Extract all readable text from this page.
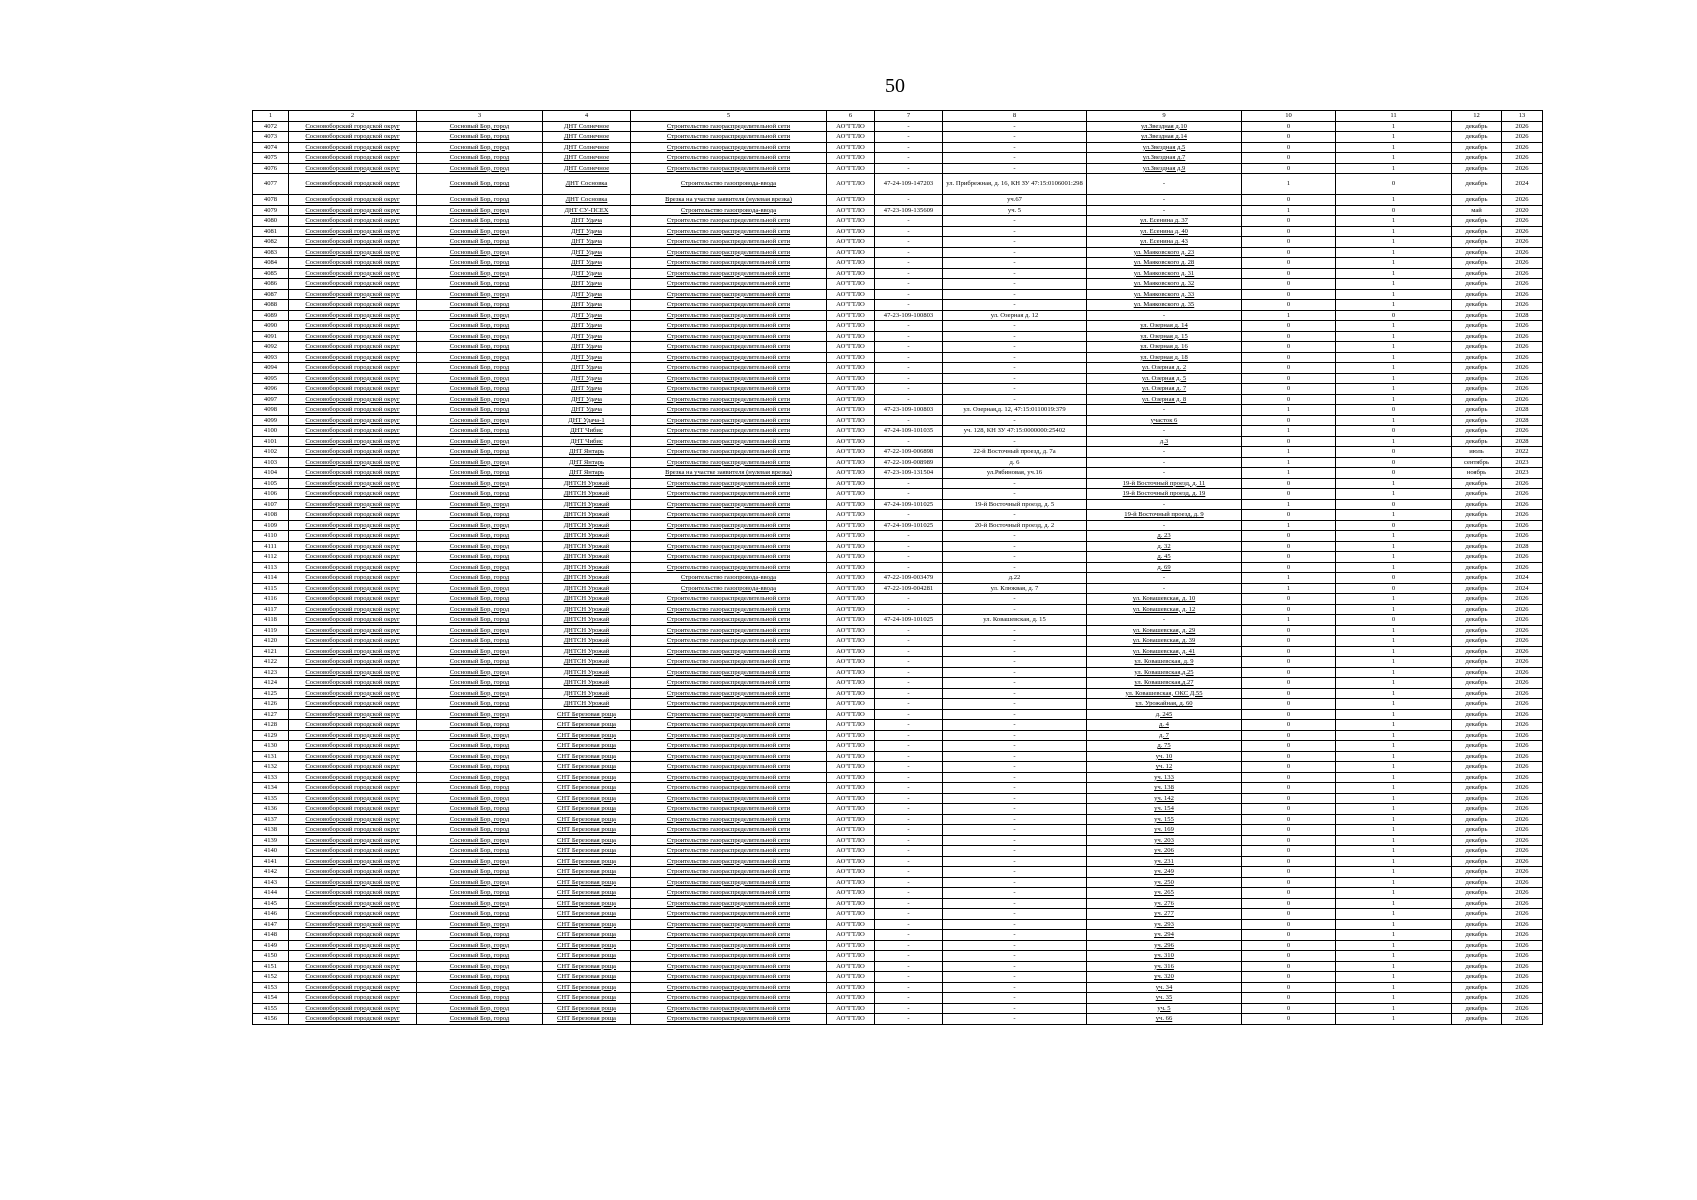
50
1	2	3	4	5	6	7	8	9	10	11	12	13
4072	Сосновоборский городской округ	Сосновый Бор, город	ДНТ Солнечное	Строительство газораспределительной сети	АО"ГТЛО	-	-	ул.Звездная д.10	0	1	декабрь	2026
4073	Сосновоборский городской округ	Сосновый Бор, город	ДНТ Солнечное	Строительство газораспределительной сети	АО"ГТЛО	-	-	ул.Звездная д.14	0	1	декабрь	2026
4074	Сосновоборский городской округ	Сосновый Бор, город	ДНТ Солнечное	Строительство газораспределительной сети	АО"ГТЛО	-	-	ул.Звездная д.5	0	1	декабрь	2026
4075	Сосновоборский городской округ	Сосновый Бор, город	ДНТ Солнечное	Строительство газораспределительной сети	АО"ГТЛО	-	-	ул.Звездная д.7	0	1	декабрь	2026
4076	Сосновоборский городской округ	Сосновый Бор, город	ДНТ Солнечное	Строительство газораспределительной сети	АО"ГТЛО	-	-	ул.Звездная д.9	0	1	декабрь	2026
4077	Сосновоборский городской округ	Сосновый Бор, город	ДНТ Сосновка	Строительство газопровода-ввода	АО"ГТЛО	47-24-109-147203	ул. Прибрежная, д. 16, КН ЗУ 47:15:0106001:298	-	1	0	декабрь	2024
4078	Сосновоборский городской округ	Сосновый Бор, город	ДНТ Сосновка	Врезка на участке заявителя (нулевая врезка)	АО"ГТЛО	-	уч.67	-	0	1	декабрь	2026
4079	Сосновоборский городской округ	Сосновый Бор, город	ДНТ СУ-ПСЕХ	Строительство газопровода-ввода	АО"ГТЛО	47-23-109-135609	уч. 5	-	1	0	май	2020
4080	Сосновоборский городской округ	Сосновый Бор, город	ДНТ Удача	Строительство газораспределительной сети	АО"ГТЛО	-	-	ул. Есенина д. 37	0	1	декабрь	2026
4081	Сосновоборский городской округ	Сосновый Бор, город	ДНТ Удача	Строительство газораспределительной сети	АО"ГТЛО	-	-	ул. Есенина д. 40	0	1	декабрь	2026
4082	Сосновоборский городской округ	Сосновый Бор, город	ДНТ Удача	Строительство газораспределительной сети	АО"ГТЛО	-	-	ул. Есенина д. 43	0	1	декабрь	2026
4083	Сосновоборский городской округ	Сосновый Бор, город	ДНТ Удача	Строительство газораспределительной сети	АО"ГТЛО	-	-	ул. Маяковского д. 23	0	1	декабрь	2026
4084	Сосновоборский городской округ	Сосновый Бор, город	ДНТ Удача	Строительство газораспределительной сети	АО"ГТЛО	-	-	ул. Маяковского д. 28	0	1	декабрь	2026
4085	Сосновоборский городской округ	Сосновый Бор, город	ДНТ Удача	Строительство газораспределительной сети	АО"ГТЛО	-	-	ул. Маяковского д. 31	0	1	декабрь	2026
4086	Сосновоборский городской округ	Сосновый Бор, город	ДНТ Удача	Строительство газораспределительной сети	АО"ГТЛО	-	-	ул. Маяковского д. 32	0	1	декабрь	2026
4087	Сосновоборский городской округ	Сосновый Бор, город	ДНТ Удача	Строительство газораспределительной сети	АО"ГТЛО	-	-	ул. Маяковского д. 33	0	1	декабрь	2026
4088	Сосновоборский городской округ	Сосновый Бор, город	ДНТ Удача	Строительство газораспределительной сети	АО"ГТЛО	-	-	ул. Маяковского д. 35	0	1	декабрь	2026
4089	Сосновоборский городской округ	Сосновый Бор, город	ДНТ Удача	Строительство газораспределительной сети	АО"ГТЛО	47-23-109-100803	ул. Озерная д. 12	-	1	0	декабрь	2028
4090	Сосновоборский городской округ	Сосновый Бор, город	ДНТ Удача	Строительство газораспределительной сети	АО"ГТЛО	-	-	ул. Озерная д. 14	0	1	декабрь	2026
4091	Сосновоборский городской округ	Сосновый Бор, город	ДНТ Удача	Строительство газораспределительной сети	АО"ГТЛО	-	-	ул. Озерная д. 15	0	1	декабрь	2026
4092	Сосновоборский городской округ	Сосновый Бор, город	ДНТ Удача	Строительство газораспределительной сети	АО"ГТЛО	-	-	ул. Озерная д. 16	0	1	декабрь	2026
4093	Сосновоборский городской округ	Сосновый Бор, город	ДНТ Удача	Строительство газораспределительной сети	АО"ГТЛО	-	-	ул. Озерная д. 18	0	1	декабрь	2026
4094	Сосновоборский городской округ	Сосновый Бор, город	ДНТ Удача	Строительство газораспределительной сети	АО"ГТЛО	-	-	ул. Озерная д. 2	0	1	декабрь	2026
4095	Сосновоборский городской округ	Сосновый Бор, город	ДНТ Удача	Строительство газораспределительной сети	АО"ГТЛО	-	-	ул. Озерная д. 5	0	1	декабрь	2026
4096	Сосновоборский городской округ	Сосновый Бор, город	ДНТ Удача	Строительство газораспределительной сети	АО"ГТЛО	-	-	ул. Озерная д. 7	0	1	декабрь	2026
4097	Сосновоборский городской округ	Сосновый Бор, город	ДНТ Удача	Строительство газораспределительной сети	АО"ГТЛО	-	-	ул. Озерная д. 8	0	1	декабрь	2026
4098	Сосновоборский городской округ	Сосновый Бор, город	ДНТ Удача	Строительство газораспределительной сети	АО"ГТЛО	47-23-109-100803	ул. Озерная,д. 12, 47:15:0110019:379	-	1	0	декабрь	2028
4099	Сосновоборский городской округ	Сосновый Бор, город	ДНТ Удача-1	Строительство газораспределительной сети	АО"ГТЛО	-	-	участок 6	0	1	декабрь	2028
4100	Сосновоборский городской округ	Сосновый Бор, город	ДНТ Чибис	Строительство газораспределительной сети	АО"ГТЛО	47-24-109-101035	уч. 128, КН ЗУ 47:15:0000000:25402	-	1	0	декабрь	2026
4101	Сосновоборский городской округ	Сосновый Бор, город	ДНТ Чибис	Строительство газораспределительной сети	АО"ГТЛО	-	-	д.3	0	1	декабрь	2028
4102	Сосновоборский городской округ	Сосновый Бор, город	ДНТ Янтарь	Строительство газораспределительной сети	АО"ГТЛО	47-22-109-006898	22-й Восточный проезд, д. 7а	-	1	0	июль	2022
4103	Сосновоборский городской округ	Сосновый Бор, город	ДНТ Янтарь	Строительство газораспределительной сети	АО"ГТЛО	47-22-109-008989	д. 6	-	1	0	сентябрь	2023
4104	Сосновоборский городской округ	Сосновый Бор, город	ДНТ Янтарь	Врезка на участке заявителя (нулевая врезка)	АО"ГТЛО	47-23-109-131504	ул.Рябиновая, уч.16	-	1	0	ноябрь	2023
4105	Сосновоборский городской округ	Сосновый Бор, город	ДНТСН Урожай	Строительство газораспределительной сети	АО"ГТЛО	-	-	19-й Восточный проезд, д. 11	0	1	декабрь	2026
4106	Сосновоборский городской округ	Сосновый Бор, город	ДНТСН Урожай	Строительство газораспределительной сети	АО"ГТЛО	-	-	19-й Восточный проезд, д. 19	0	1	декабрь	2026
4107	Сосновоборский городской округ	Сосновый Бор, город	ДНТСН Урожай	Строительство газораспределительной сети	АО"ГТЛО	47-24-109-101025	19-й Восточный проезд, д. 5	-	1	0	декабрь	2026
4108	Сосновоборский городской округ	Сосновый Бор, город	ДНТСН Урожай	Строительство газораспределительной сети	АО"ГТЛО	-	-	19-й Восточный проезд, д. 9	0	1	декабрь	2026
4109	Сосновоборский городской округ	Сосновый Бор, город	ДНТСН Урожай	Строительство газораспределительной сети	АО"ГТЛО	47-24-109-101025	20-й Восточный проезд, д. 2	-	1	0	декабрь	2026
4110	Сосновоборский городской округ	Сосновый Бор, город	ДНТСН Урожай	Строительство газораспределительной сети	АО"ГТЛО	-	-	д. 23	0	1	декабрь	2026
4111	Сосновоборский городской округ	Сосновый Бор, город	ДНТСН Урожай	Строительство газораспределительной сети	АО"ГТЛО	-	-	д. 32	0	1	декабрь	2028
4112	Сосновоборский городской округ	Сосновый Бор, город	ДНТСН Урожай	Строительство газораспределительной сети	АО"ГТЛО	-	-	д. 45	0	1	декабрь	2026
4113	Сосновоборский городской округ	Сосновый Бор, город	ДНТСН Урожай	Строительство газораспределительной сети	АО"ГТЛО	-	-	д. 69	0	1	декабрь	2026
4114	Сосновоборский городской округ	Сосновый Бор, город	ДНТСН Урожай	Строительство газопровода-ввода	АО"ГТЛО	47-22-109-003479	д.22	-	1	0	декабрь	2024
4115	Сосновоборский городской округ	Сосновый Бор, город	ДНТСН Урожай	Строительство газопровода-ввода	АО"ГТЛО	47-22-109-004281	ул. Клюквая, д. 7	-	1	0	декабрь	2024
4116	Сосновоборский городской округ	Сосновый Бор, город	ДНТСН Урожай	Строительство газораспределительной сети	АО"ГТЛО	-	-	ул. Ковашевская, д. 10	0	1	декабрь	2026
4117	Сосновоборский городской округ	Сосновый Бор, город	ДНТСН Урожай	Строительство газораспределительной сети	АО"ГТЛО	-	-	ул. Ковашевская, д. 12	0	1	декабрь	2026
4118	Сосновоборский городской округ	Сосновый Бор, город	ДНТСН Урожай	Строительство газораспределительной сети	АО"ГТЛО	47-24-109-101025	ул. Ковашевская, д. 15	-	1	0	декабрь	2026
4119	Сосновоборский городской округ	Сосновый Бор, город	ДНТСН Урожай	Строительство газораспределительной сети	АО"ГТЛО	-	-	ул. Ковашевская, д. 29	0	1	декабрь	2026
4120	Сосновоборский городской округ	Сосновый Бор, город	ДНТСН Урожай	Строительство газораспределительной сети	АО"ГТЛО	-	-	ул. Ковашевская, д. 39	0	1	декабрь	2026
4121	Сосновоборский городской округ	Сосновый Бор, город	ДНТСН Урожай	Строительство газораспределительной сети	АО"ГТЛО	-	-	ул. Ковашевская, д. 41	0	1	декабрь	2026
4122	Сосновоборский городской округ	Сосновый Бор, город	ДНТСН Урожай	Строительство газораспределительной сети	АО"ГТЛО	-	-	ул. Ковашевская, д. 9	0	1	декабрь	2026
4123	Сосновоборский городской округ	Сосновый Бор, город	ДНТСН Урожай	Строительство газораспределительной сети	АО"ГТЛО	-	-	ул. Ковашевская,д.25	0	1	декабрь	2026
4124	Сосновоборский городской округ	Сосновый Бор, город	ДНТСН Урожай	Строительство газораспределительной сети	АО"ГТЛО	-	-	ул. Ковашевская,д.27	0	1	декабрь	2026
4125	Сосновоборский городской округ	Сосновый Бор, город	ДНТСН Урожай	Строительство газораспределительной сети	АО"ГТЛО	-	-	ул. Ковашевская, ОКС Д.55	0	1	декабрь	2026
4126	Сосновоборский городской округ	Сосновый Бор, город	ДНТСН Урожай	Строительство газораспределительной сети	АО"ГТЛО	-	-	ул. Урожайная, д. 60	0	1	декабрь	2026
4127	Сосновоборский городской округ	Сосновый Бор, город	СНТ Березовая роща	Строительство газораспределительной сети	АО"ГТЛО	-	-	д. 245	0	1	декабрь	2026
4128	Сосновоборский городской округ	Сосновый Бор, город	СНТ Березовая роща	Строительство газораспределительной сети	АО"ГТЛО	-	-	д. 4	0	1	декабрь	2026
4129	Сосновоборский городской округ	Сосновый Бор, город	СНТ Березовая роща	Строительство газораспределительной сети	АО"ГТЛО	-	-	д. 7	0	1	декабрь	2026
4130	Сосновоборский городской округ	Сосновый Бор, город	СНТ Березовая роща	Строительство газораспределительной сети	АО"ГТЛО	-	-	д. 75	0	1	декабрь	2026
4131	Сосновоборский городской округ	Сосновый Бор, город	СНТ Березовая роща	Строительство газораспределительной сети	АО"ГТЛО	-	-	уч. 10	0	1	декабрь	2026
4132	Сосновоборский городской округ	Сосновый Бор, город	СНТ Березовая роща	Строительство газораспределительной сети	АО"ГТЛО	-	-	уч. 12	0	1	декабрь	2026
4133	Сосновоборский городской округ	Сосновый Бор, город	СНТ Березовая роща	Строительство газораспределительной сети	АО"ГТЛО	-	-	уч. 133	0	1	декабрь	2026
4134	Сосновоборский городской округ	Сосновый Бор, город	СНТ Березовая роща	Строительство газораспределительной сети	АО"ГТЛО	-	-	уч. 138	0	1	декабрь	2026
4135	Сосновоборский городской округ	Сосновый Бор, город	СНТ Березовая роща	Строительство газораспределительной сети	АО"ГТЛО	-	-	уч. 142	0	1	декабрь	2026
4136	Сосновоборский городской округ	Сосновый Бор, город	СНТ Березовая роща	Строительство газораспределительной сети	АО"ГТЛО	-	-	уч. 154	0	1	декабрь	2026
4137	Сосновоборский городской округ	Сосновый Бор, город	СНТ Березовая роща	Строительство газораспределительной сети	АО"ГТЛО	-	-	уч. 155	0	1	декабрь	2026
4138	Сосновоборский городской округ	Сосновый Бор, город	СНТ Березовая роща	Строительство газораспределительной сети	АО"ГТЛО	-	-	уч. 169	0	1	декабрь	2026
4139	Сосновоборский городской округ	Сосновый Бор, город	СНТ Березовая роща	Строительство газораспределительной сети	АО"ГТЛО	-	-	уч. 203	0	1	декабрь	2026
4140	Сосновоборский городской округ	Сосновый Бор, город	СНТ Березовая роща	Строительство газораспределительной сети	АО"ГТЛО	-	-	уч. 206	0	1	декабрь	2026
4141	Сосновоборский городской округ	Сосновый Бор, город	СНТ Березовая роща	Строительство газораспределительной сети	АО"ГТЛО	-	-	уч. 231	0	1	декабрь	2026
4142	Сосновоборский городской округ	Сосновый Бор, город	СНТ Березовая роща	Строительство газораспределительной сети	АО"ГТЛО	-	-	уч. 249	0	1	декабрь	2026
4143	Сосновоборский городской округ	Сосновый Бор, город	СНТ Березовая роща	Строительство газораспределительной сети	АО"ГТЛО	-	-	уч. 250	0	1	декабрь	2026
4144	Сосновоборский городской округ	Сосновый Бор, город	СНТ Березовая роща	Строительство газораспределительной сети	АО"ГТЛО	-	-	уч. 265	0	1	декабрь	2026
4145	Сосновоборский городской округ	Сосновый Бор, город	СНТ Березовая роща	Строительство газораспределительной сети	АО"ГТЛО	-	-	уч. 276	0	1	декабрь	2026
4146	Сосновоборский городской округ	Сосновый Бор, город	СНТ Березовая роща	Строительство газораспределительной сети	АО"ГТЛО	-	-	уч. 277	0	1	декабрь	2026
4147	Сосновоборский городской округ	Сосновый Бор, город	СНТ Березовая роща	Строительство газораспределительной сети	АО"ГТЛО	-	-	уч. 293	0	1	декабрь	2026
4148	Сосновоборский городской округ	Сосновый Бор, город	СНТ Березовая роща	Строительство газораспределительной сети	АО"ГТЛО	-	-	уч. 294	0	1	декабрь	2026
4149	Сосновоборский городской округ	Сосновый Бор, город	СНТ Березовая роща	Строительство газораспределительной сети	АО"ГТЛО	-	-	уч. 296	0	1	декабрь	2026
4150	Сосновоборский городской округ	Сосновый Бор, город	СНТ Березовая роща	Строительство газораспределительной сети	АО"ГТЛО	-	-	уч. 310	0	1	декабрь	2026
4151	Сосновоборский городской округ	Сосновый Бор, город	СНТ Березовая роща	Строительство газораспределительной сети	АО"ГТЛО	-	-	уч. 316	0	1	декабрь	2026
4152	Сосновоборский городской округ	Сосновый Бор, город	СНТ Березовая роща	Строительство газораспределительной сети	АО"ГТЛО	-	-	уч. 320	0	1	декабрь	2026
4153	Сосновоборский городской округ	Сосновый Бор, город	СНТ Березовая роща	Строительство газораспределительной сети	АО"ГТЛО	-	-	уч. 34	0	1	декабрь	2026
4154	Сосновоборский городской округ	Сосновый Бор, город	СНТ Березовая роща	Строительство газораспределительной сети	АО"ГТЛО	-	-	уч. 35	0	1	декабрь	2026
4155	Сосновоборский городской округ	Сосновый Бор, город	СНТ Березовая роща	Строительство газораспределительной сети	АО"ГТЛО	-	-	уч. 5	0	1	декабрь	2026
4156	Сосновоборский городской округ	Сосновый Бор, город	СНТ Березовая роща	Строительство газораспределительной сети	АО"ГТЛО	-	-	уч. 66	0	1	декабрь	2026
